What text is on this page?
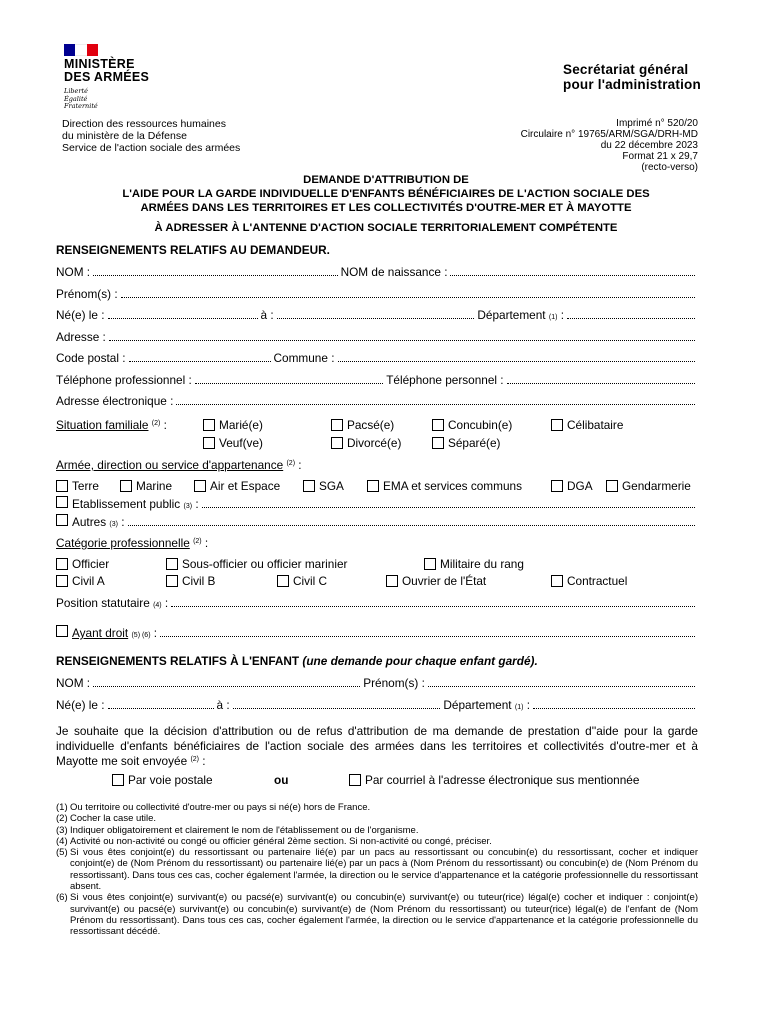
MINISTÈRE
DES ARMÉES
Liberté
Égalité
Fraternité
Secrétariat général
pour l'administration
Direction des ressources humaines
du ministère de la Défense
Service de l'action sociale des armées
Imprimé n° 520/20
Circulaire n° 19765/ARM/SGA/DRH-MD
du 22 décembre 2023
Format 21 x 29,7
(recto-verso)
DEMANDE D'ATTRIBUTION DE
L'AIDE POUR LA GARDE INDIVIDUELLE D'ENFANTS BÉNÉFICIAIRES DE L'ACTION SOCIALE DES
ARMÉES DANS LES TERRITOIRES ET LES COLLECTIVITÉS D'OUTRE-MER ET À MAYOTTE
À ADRESSER À L'ANTENNE D'ACTION SOCIALE TERRITORIALEMENT COMPÉTENTE
RENSEIGNEMENTS RELATIFS AU DEMANDEUR.
NOM :	NOM de naissance :
Prénom(s) :
Né(e) le :	à :	Département
(1)
:
Adresse :
Code postal :	Commune :
Téléphone professionnel :	Téléphone personnel :
Adresse électronique :
Situation familiale $^{(2)}$ :	Marié(e)	Pacsé(e)	Concubin(e)	Célibataire
Veuf(ve)	Divorcé(e)	Séparé(e)
Armée, direction ou service d'appartenance $^{(2)}$ :
Terre	Marine	Air et Espace	SGA	EMA et services communs	DGA Gendarmerie
Etablissement public
(3) :
Autres
(3) :
Catégorie professionnelle $^{(2)}$ :
Officier	Sous-officier ou officier marinier	Militaire du rang
Civil A	Civil B	Civil C	Ouvrier de l'État	Contractuel
Position statutaire
(4) :
Ayant droit
(5) (6) :
RENSEIGNEMENTS RELATIFS À L'ENFANT (une demande pour chaque enfant gardé).
NOM :	Prénom(s) :
Né(e) le :	à :	Département
(1) :
Je souhaite que la décision d'attribution ou de refus d'attribution de ma demande de prestation d''aide pour la garde individuelle d'enfants bénéficiaires de l'action sociale des armées dans les territoires et collectivités d'outre-mer et à Mayotte me soit envoyée $^{(2)}$ :
Par voie postale	ou	Par courriel à l'adresse électronique sus mentionnée
(1) Ou territoire ou collectivité d'outre-mer ou pays si né(e) hors de France.
(2) Cocher la case utile.
(3) Indiquer obligatoirement et clairement le nom de l'établissement ou de l'organisme.
(4) Activité ou non-activité ou congé ou officier général 2ème section. Si non-activité ou congé, préciser.
(5) Si vous êtes conjoint(e) du ressortissant ou partenaire lié(e) par un pacs au ressortissant ou concubin(e) du ressortissant, cocher et indiquer conjoint(e) de (Nom Prénom du ressortissant) ou partenaire lié(e) par un pacs à (Nom Prénom du ressortissant) ou concubin(e) de (Nom Prénom du ressortissant). Dans tous ces cas, cocher également l'armée, la direction ou le service d'appartenance et la catégorie professionnelle du ressortissant absent.
(6) Si vous êtes conjoint(e) survivant(e) ou pacsé(e) survivant(e) ou concubin(e) survivant(e) ou tuteur(rice) légal(e) cocher et indiquer : conjoint(e) survivant(e) ou pacsé(e) survivant(e) ou concubin(e) survivant(e) de (Nom Prénom du ressortissant) ou tuteur(rice) légal(e) de l'enfant de (Nom Prénom du ressortissant). Dans tous ces cas, cocher également l'armée, la direction ou le service d'appartenance et la catégorie professionnelle du ressortissant décédé.
